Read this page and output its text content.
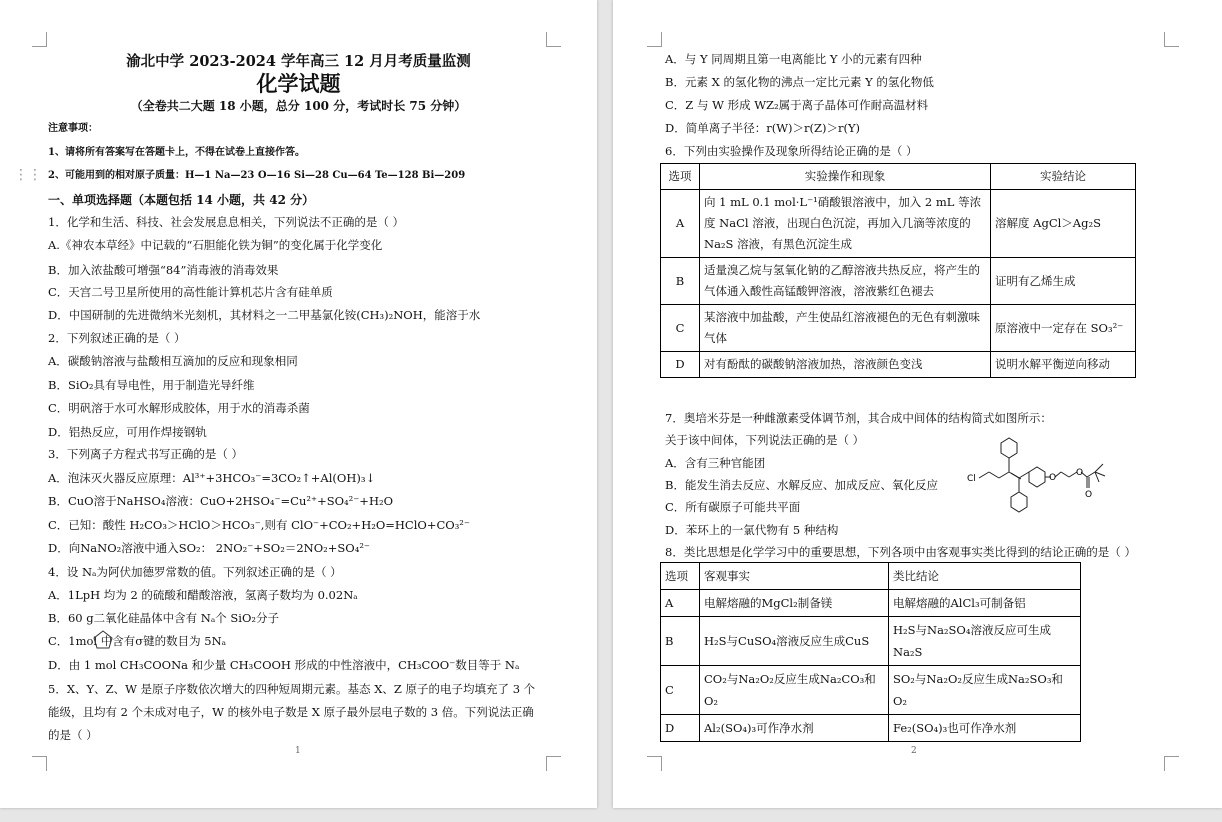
⋮⋮
渝北中学 2023-2024 学年高三 12 月月考质量监测
化学试题
（全卷共二大题 18 小题，总分 100 分，考试时长 75 分钟）
注意事项：
1、请将所有答案写在答题卡上，不得在试卷上直接作答。
2、可能用到的相对原子质量：H—1 Na—23 O—16 Si—28 Cu—64 Te—128 Bi—209
一、单项选择题（本题包括 14 小题，共 42 分）
1．化学和生活、科技、社会发展息息相关，下列说法不正确的是（ ）
A.《神农本草经》中记载的“石胆能化铁为铜”的变化属于化学变化
B．加入浓盐酸可增强“84”消毒液的消毒效果
C．天宫二号卫星所使用的高性能计算机芯片含有硅单质
D．中国研制的先进微纳米光刻机，其材料之一二甲基氯化铵(CH₃)₂NOH，能溶于水
2．下列叙述正确的是（ ）
A．碳酸钠溶液与盐酸相互滴加的反应和现象相同
B．SiO₂具有导电性，用于制造光导纤维
C．明矾溶于水可水解形成胶体，用于水的消毒杀菌
D．铝热反应，可用作焊接钢轨
3．下列离子方程式书写正确的是（ ）
A．泡沫灭火器反应原理：Al³⁺+3HCO₃⁻=3CO₂↑+Al(OH)₃↓
B．CuO溶于NaHSO₄溶液：CuO+2HSO₄⁻=Cu²⁺+SO₄²⁻+H₂O
C．已知：酸性 H₂CO₃＞HClO＞HCO₃⁻,则有 ClO⁻+CO₂+H₂O=HClO+CO₃²⁻
D．向NaNO₂溶液中通入SO₂： 2NO₂⁻+SO₂＝2NO₂+SO₄²⁻
4．设 Nₐ为阿伏加德罗常数的值。下列叙述正确的是（ ）
A．1LpH 均为 2 的硫酸和醋酸溶液，氢离子数均为 0.02Nₐ
B．60 g二氧化硅晶体中含有 Nₐ个 SiO₂分子
C．1mol 中含有σ键的数目为 5Nₐ
D．由 1 mol CH₃COONa 和少量 CH₃COOH 形成的中性溶液中，CH₃COO⁻数目等于 Nₐ
5．X、Y、Z、W 是原子序数依次增大的四种短周期元素。基态 X、Z 原子的电子均填充了 3 个
能级，且均有 2 个未成对电子，W 的核外电子数是 X 原子最外层电子数的 3 倍。下列说法正确
的是（ ）
1
A．与 Y 同周期且第一电离能比 Y 小的元素有四种
B．元素 X 的氢化物的沸点一定比元素 Y 的氢化物低
C．Z 与 W 形成 WZ₂属于离子晶体可作耐高温材料
D．简单离子半径：r(W)＞r(Z)＞r(Y)
6．下列由实验操作及现象所得结论正确的是（ ）
选项	实验操作和现象	实验结论
A	向 1 mL 0.1 mol·L⁻¹硝酸银溶液中，加入 2 mL 等浓度 NaCl 溶液，出现白色沉淀，再加入几滴等浓度的 Na₂S 溶液，有黑色沉淀生成	溶解度 AgCl＞Ag₂S
B	适量溴乙烷与氢氧化钠的乙醇溶液共热反应，将产生的气体通入酸性高锰酸钾溶液，溶液紫红色褪去	证明有乙烯生成
C	某溶液中加盐酸，产生使品红溶液褪色的无色有刺激味气体	原溶液中一定存在 SO₃²⁻
D	对有酚酞的碳酸钠溶液加热，溶液颜色变浅	说明水解平衡逆向移动
7．奥培米芬是一种雌激素受体调节剂，其合成中间体的结构简式如图所示：
关于该中间体，下列说法正确的是（ ）
A．含有三种官能团
B．能发生消去反应、水解反应、加成反应、氧化反应
C．所有碳原子可能共平面
D．苯环上的一氯代物有 5 种结构
8．类比思想是化学学习中的重要思想，下列各项中由客观事实类比得到的结论正确的是（ ）
Cl	O O
O
选项	客观事实	类比结论
A	电解熔融的MgCl₂制备镁	电解熔融的AlCl₃可制备铝
B	H₂S与CuSO₄溶液反应生成CuS	H₂S与Na₂SO₄溶液反应可生成Na₂S
C	CO₂与Na₂O₂反应生成Na₂CO₃和O₂	SO₂与Na₂O₂反应生成Na₂SO₃和O₂
D	Al₂(SO₄)₃可作净水剂	Fe₂(SO₄)₃也可作净水剂
2
